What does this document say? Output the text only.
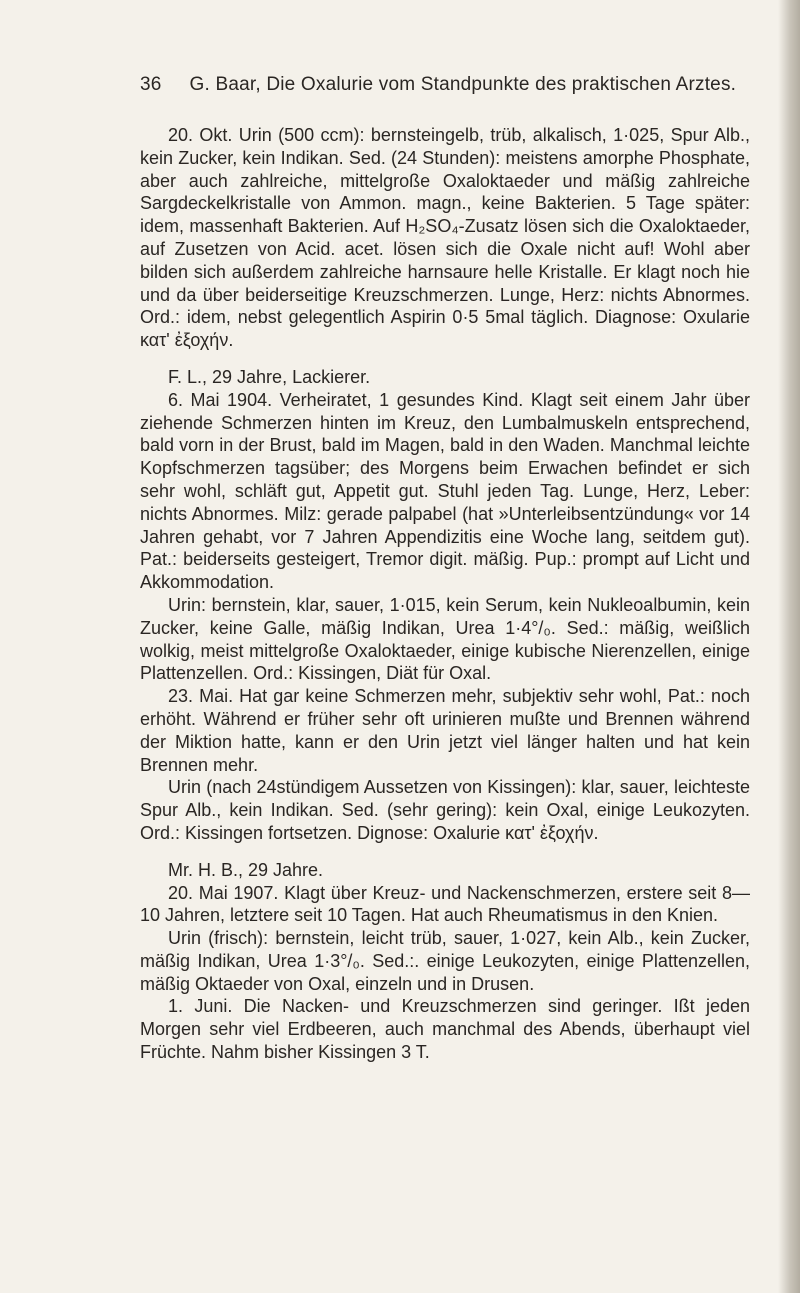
36 G. Baar, Die Oxalurie vom Standpunkte des praktischen Arztes.

20. Okt. Urin (500 ccm): bernsteingelb, trüb, alkalisch, 1·025, Spur Alb., kein Zucker, kein Indikan. Sed. (24 Stunden): meistens amorphe Phosphate, aber auch zahlreiche, mittelgroße Oxaloktaeder und mäßig zahlreiche Sargdeckelkristalle von Ammon. magn., keine Bakterien. 5 Tage später: idem, massenhaft Bakterien. Auf H₂SO₄-Zusatz lösen sich die Oxaloktaeder, auf Zusetzen von Acid. acet. lösen sich die Oxale nicht auf! Wohl aber bilden sich außerdem zahlreiche harnsaure helle Kristalle. Er klagt noch hie und da über beiderseitige Kreuzschmerzen. Lunge, Herz: nichts Abnormes. Ord.: idem, nebst gelegentlich Aspirin 0·5 5mal täglich. Diagnose: Oxularie κατ' ἐξοχήν.

F. L., 29 Jahre, Lackierer.

6. Mai 1904. Verheiratet, 1 gesundes Kind. Klagt seit einem Jahr über ziehende Schmerzen hinten im Kreuz, den Lumbalmuskeln entsprechend, bald vorn in der Brust, bald im Magen, bald in den Waden. Manchmal leichte Kopfschmerzen tagsüber; des Morgens beim Erwachen befindet er sich sehr wohl, schläft gut, Appetit gut. Stuhl jeden Tag. Lunge, Herz, Leber: nichts Abnormes. Milz: gerade palpabel (hat »Unterleibsentzündung« vor 14 Jahren gehabt, vor 7 Jahren Appendizitis eine Woche lang, seitdem gut). Pat.: beiderseits gesteigert, Tremor digit. mäßig. Pup.: prompt auf Licht und Akkommodation.

Urin: bernstein, klar, sauer, 1·015, kein Serum, kein Nukleoalbumin, kein Zucker, keine Galle, mäßig Indikan, Urea 1·4°/₀. Sed.: mäßig, weißlich wolkig, meist mittelgroße Oxaloktaeder, einige kubische Nierenzellen, einige Plattenzellen. Ord.: Kissingen, Diät für Oxal.

23. Mai. Hat gar keine Schmerzen mehr, subjektiv sehr wohl, Pat.: noch erhöht. Während er früher sehr oft urinieren mußte und Brennen während der Miktion hatte, kann er den Urin jetzt viel länger halten und hat kein Brennen mehr.

Urin (nach 24stündigem Aussetzen von Kissingen): klar, sauer, leichteste Spur Alb., kein Indikan. Sed. (sehr gering): kein Oxal, einige Leukozyten. Ord.: Kissingen fortsetzen. Dignose: Oxalurie κατ' ἐξοχήν.

Mr. H. B., 29 Jahre.

20. Mai 1907. Klagt über Kreuz- und Nackenschmerzen, erstere seit 8—10 Jahren, letztere seit 10 Tagen. Hat auch Rheumatismus in den Knien.

Urin (frisch): bernstein, leicht trüb, sauer, 1·027, kein Alb., kein Zucker, mäßig Indikan, Urea 1·3°/₀. Sed.:. einige Leukozyten, einige Plattenzellen, mäßig Oktaeder von Oxal, einzeln und in Drusen.

1. Juni. Die Nacken- und Kreuzschmerzen sind geringer. Ißt jeden Morgen sehr viel Erdbeeren, auch manchmal des Abends, überhaupt viel Früchte. Nahm bisher Kissingen 3 T.
